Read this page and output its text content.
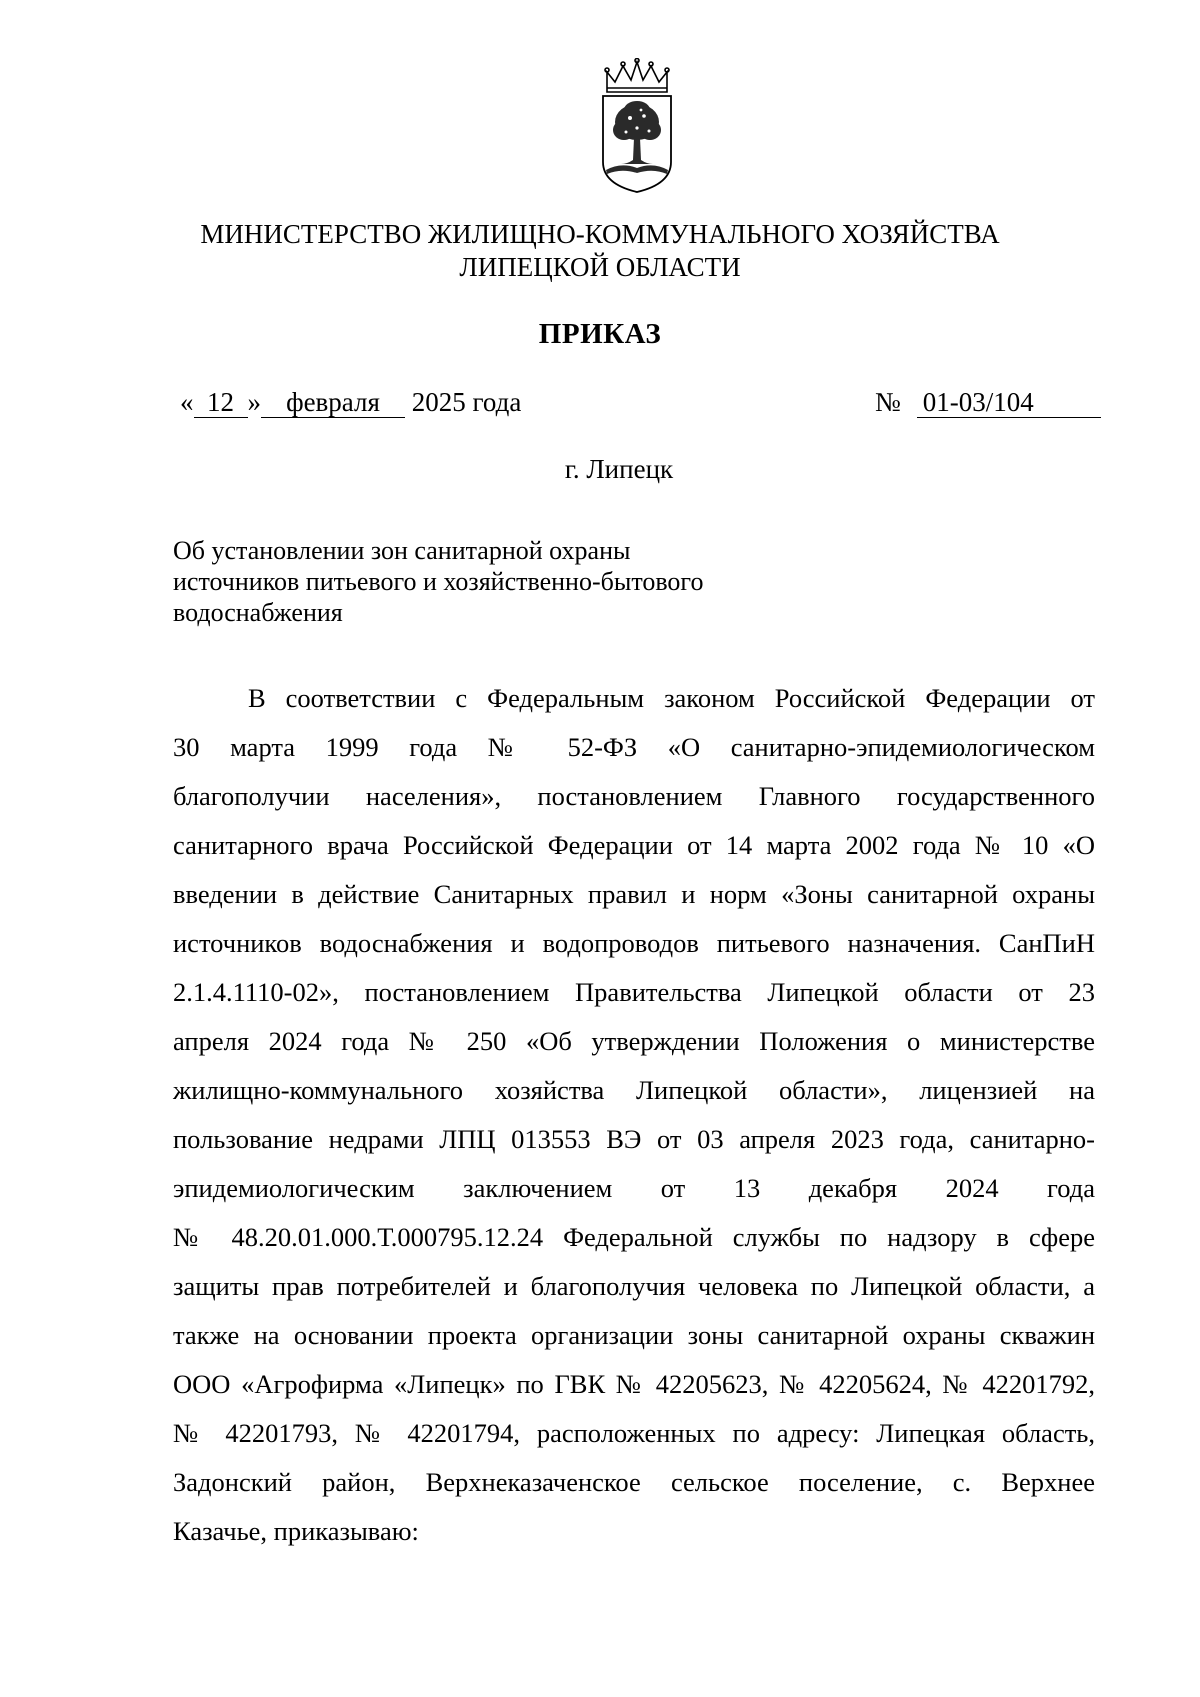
МИНИСТЕРСТВО ЖИЛИЩНО-КОММУНАЛЬНОГО ХОЗЯЙСТВА
ЛИПЕЦКОЙ ОБЛАСТИ
ПРИКАЗ
« 12 » февраля 2025 года	№ 01-03/104
г. Липецк
Об установлении зон санитарной охраны
источников питьевого и хозяйственно-бытового
водоснабжения
В соответствии с Федеральным законом Российской Федерации от
30 марта 1999 года № 52-ФЗ «О санитарно-эпидемиологическом
благополучии населения», постановлением Главного государственного
санитарного врача Российской Федерации от 14 марта 2002 года № 10 «О
введении в действие Санитарных правил и норм «Зоны санитарной охраны
источников водоснабжения и водопроводов питьевого назначения. СанПиН
2.1.4.1110-02», постановлением Правительства Липецкой области от 23
апреля 2024 года № 250 «Об утверждении Положения о министерстве
жилищно-коммунального хозяйства Липецкой области», лицензией на
пользование недрами ЛПЦ 013553 ВЭ от 03 апреля 2023 года, санитарно-
эпидемиологическим заключением от 13 декабря 2024 года
№ 48.20.01.000.Т.000795.12.24 Федеральной службы по надзору в сфере
защиты прав потребителей и благополучия человека по Липецкой области, а
также на основании проекта организации зоны санитарной охраны скважин
ООО «Агрофирма «Липецк» по ГВК № 42205623, № 42205624, № 42201792,
№ 42201793, № 42201794, расположенных по адресу: Липецкая область,
Задонский район, Верхнеказаченское сельское поселение, с. Верхнее
Казачье, приказываю:
